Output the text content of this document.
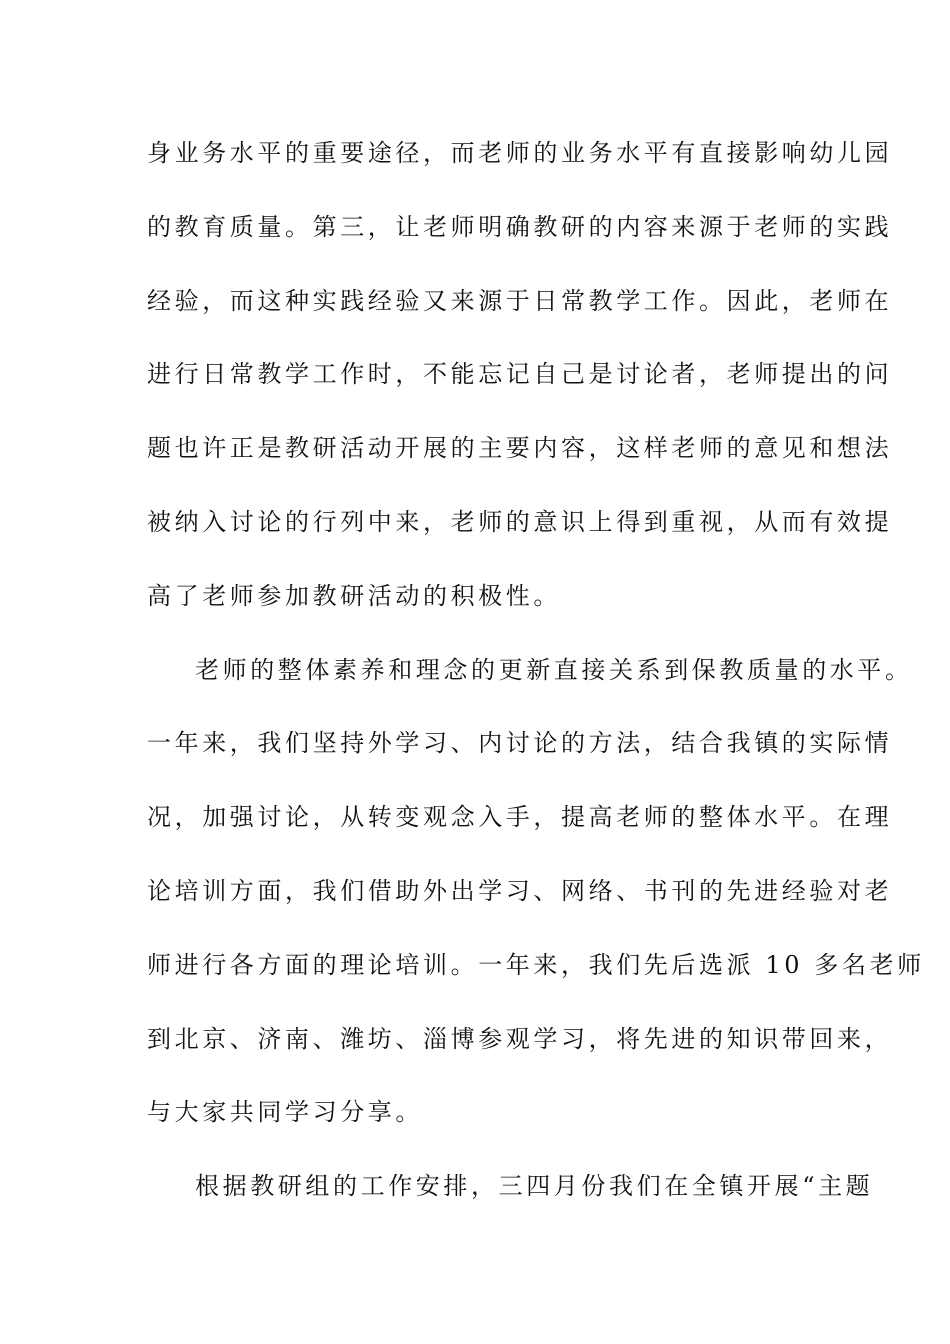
身业务水平的重要途径，而老师的业务水平有直接影响幼儿园
的教育质量。第三，让老师明确教研的内容来源于老师的实践
经验，而这种实践经验又来源于日常教学工作。因此，老师在
进行日常教学工作时，不能忘记自己是讨论者，老师提出的问
题也许正是教研活动开展的主要内容，这样老师的意见和想法
被纳入讨论的行列中来，老师的意识上得到重视，从而有效提
高了老师参加教研活动的积极性。
老师的整体素养和理念的更新直接关系到保教质量的水平。
一年来，我们坚持外学习、内讨论的方法，结合我镇的实际情
况，加强讨论，从转变观念入手，提高老师的整体水平。在理
论培训方面，我们借助外出学习、网络、书刊的先进经验对老
师进行各方面的理论培训。一年来，我们先后选派 10 多名老师
到北京、济南、潍坊、淄博参观学习，将先进的知识带回来，
与大家共同学习分享。
根据教研组的工作安排，三四月份我们在全镇开展“主题
